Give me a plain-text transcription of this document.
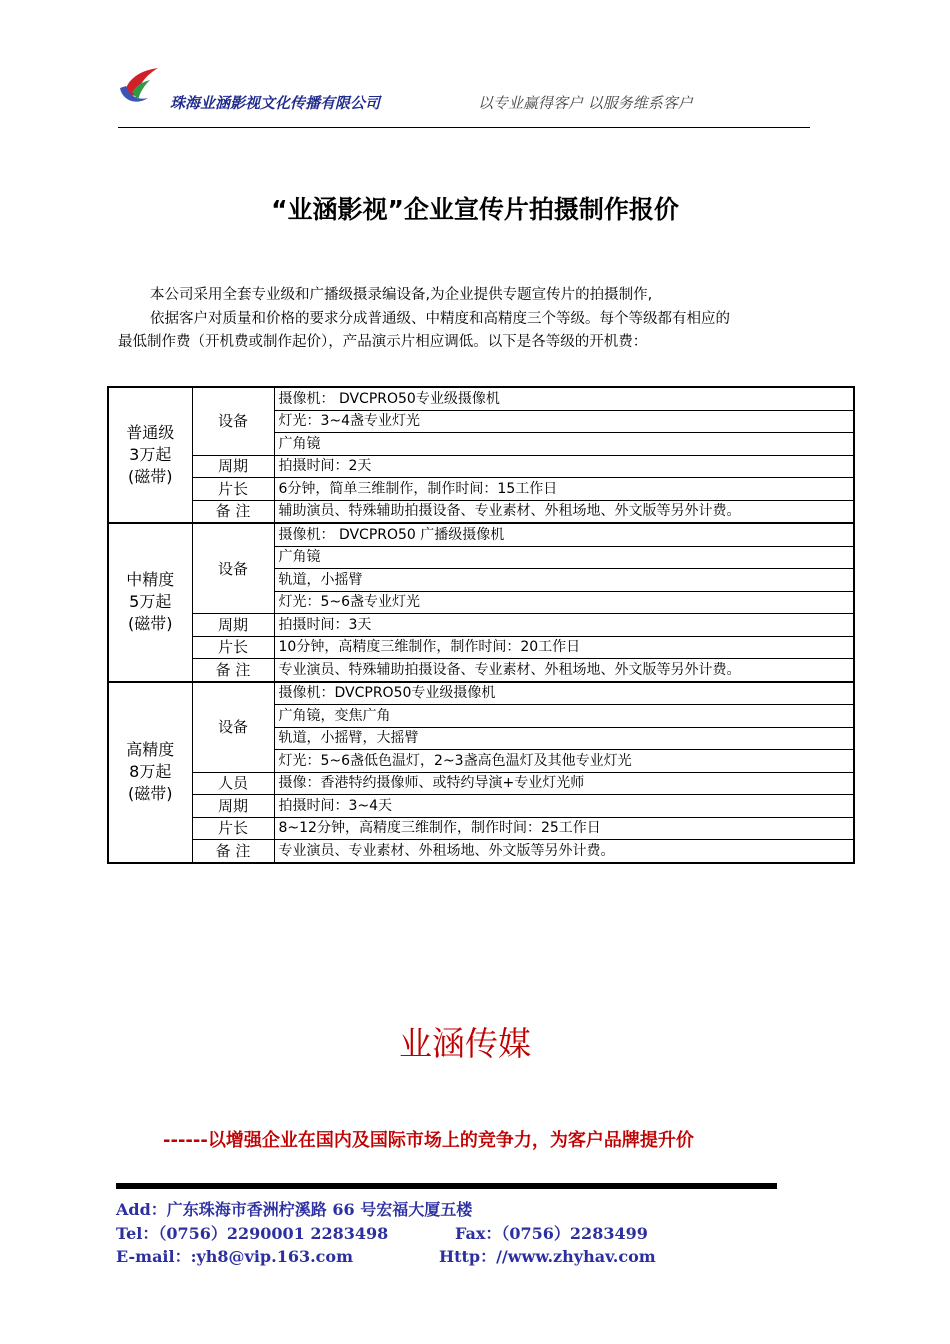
珠海业涵影视文化传播有限公司	以专业赢得客户 以服务维系客户
“业涵影视”企业宣传片拍摄制作报价
本公司采用全套专业级和广播级摄录编设备,为企业提供专题宣传片的拍摄制作,
依据客户对质量和价格的要求分成普通级、中精度和高精度三个等级。每个等级都有相应的
最低制作费（开机费或制作起价），产品演示片相应调低。以下是各等级的开机费：
普通级
3万起
(磁带)	设备	摄像机： DVCPRO50专业级摄像机
		灯光：3~4盏专业灯光
		广角镜
	周期	拍摄时间：2天
	片长	6分钟，简单三维制作，制作时间：15工作日
	备 注	辅助演员、特殊辅助拍摄设备、专业素材、外租场地、外文版等另外计费。

中精度
5万起
(磁带)	设备	摄像机： DVCPRO50 广播级摄像机
		广角镜
		轨道，小摇臂
		灯光：5~6盏专业灯光
	周期	拍摄时间：3天
	片长	10分钟，高精度三维制作，制作时间：20工作日
	备 注	专业演员、特殊辅助拍摄设备、专业素材、外租场地、外文版等另外计费。

高精度
8万起
(磁带)	设备	摄像机：DVCPRO50专业级摄像机
		广角镜，变焦广角
		轨道，小摇臂，大摇臂
		灯光：5~6盏低色温灯，2~3盏高色温灯及其他专业灯光
	人员	摄像：香港特约摄像师、或特约导演+专业灯光师
	周期	拍摄时间：3~4天
	片长	8~12分钟，高精度三维制作，制作时间：25工作日
	备 注	专业演员、专业素材、外租场地、外文版等另外计费。
业涵传媒
------以增强企业在国内及国际市场上的竞争力，为客户品牌提升价
Add：广东珠海市香洲柠溪路 66 号宏福大厦五楼
Tel：（0756）2290001 2283498	Fax：（0756）2283499
E-mail：:yh8@vip.163.com	Http：//www.zhyhav.com
